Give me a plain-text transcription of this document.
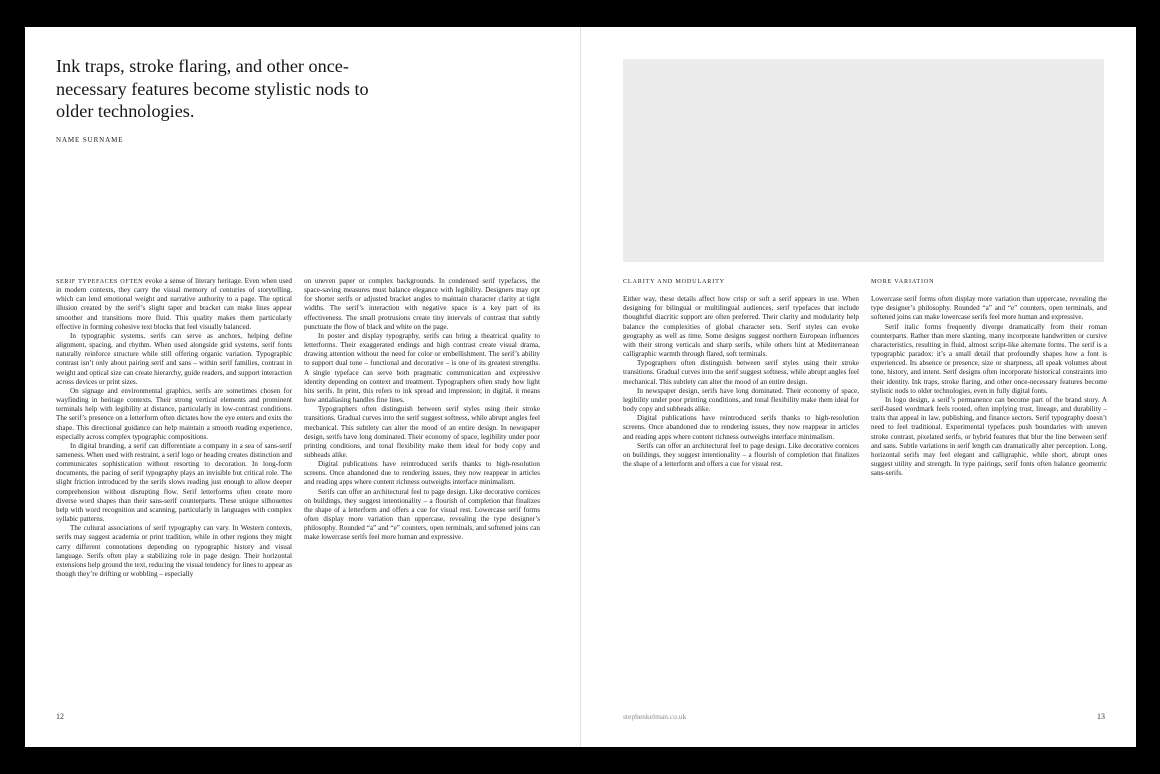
Ink traps, stroke flaring, and other once-necessary features become stylistic nods to older technologies.
NAME SURNAME

SERIF TYPEFACES OFTEN evoke a sense of literary heritage. Even when used in modern contexts, they carry the visual memory of centuries of storytelling, which can lend emotional weight and narrative authority to a page. The optical illusion created by the serif’s slight taper and bracket can make lines appear smoother and transitions more fluid. This quality makes them particularly effective in forming cohesive text blocks that feel visually balanced.

In typographic systems, serifs can serve as anchors, helping define alignment, spacing, and rhythm. When used alongside grid systems, serif fonts naturally reinforce structure while still offering organic variation. Typographic contrast isn’t only about pairing serif and sans – within serif families, contrast in weight and optical size can create hierarchy, guide readers, and support interaction across devices or print sizes.

On signage and environmental graphics, serifs are sometimes chosen for wayfinding in heritage contexts. Their strong vertical elements and prominent terminals help with legibility at distance, particularly in low-contrast conditions. The serif’s presence on a letterform often dictates how the eye enters and exits the shape. This directional guidance can help maintain a smooth reading experience, especially across complex typographic compositions.

In digital branding, a serif can differentiate a company in a sea of sans-serif sameness. When used with restraint, a serif logo or heading creates distinction and communicates sophistication without resorting to decoration. In long-form documents, the pacing of serif typography plays an invisible but critical role. The slight friction introduced by the serifs slows reading just enough to allow deeper comprehension without disrupting flow. Serif letterforms often create more diverse word shapes than their sans-serif counterparts. These unique silhouettes help with word recognition and scanning, particularly in languages with complex syllabic patterns.

The cultural associations of serif typography can vary. In Western contexts, serifs may suggest academia or print tradition, while in other regions they might carry different connotations depending on typographic history and visual language. Serifs often play a stabilizing role in page design. Their horizontal extensions help ground the text, reducing the visual tendency for lines to appear as though they’re drifting or wobbling – especially

on uneven paper or complex backgrounds. In condensed serif typefaces, the space-saving measures must balance elegance with legibility. Designers may opt for shorter serifs or adjusted bracket angles to maintain character clarity at tight widths. The serif’s interaction with negative space is a key part of its effectiveness. The small protrusions create tiny intervals of contrast that subtly punctuate the flow of black and white on the page.

In poster and display typography, serifs can bring a theatrical quality to letterforms. Their exaggerated endings and high contrast create visual drama, drawing attention without the need for color or embellishment. The serif’s ability to support dual tone – functional and decorative – is one of its greatest strengths. A single typeface can serve both pragmatic communication and expressive identity depending on context and treatment. Typographers often study how light hits serifs. In print, this refers to ink spread and impression; in digital, it means how antialiasing handles fine lines.

Typographers often distinguish between serif styles using their stroke transitions. Gradual curves into the serif suggest softness, while abrupt angles feel mechanical. This subtlety can alter the mood of an entire design. In newspaper design, serifs have long dominated. Their economy of space, legibility under poor printing conditions, and tonal flexibility make them ideal for body copy and subheads alike.

Digital publications have reintroduced serifs thanks to high-resolution screens. Once abandoned due to rendering issues, they now reappear in articles and reading apps where content richness outweighs interface minimalism.

Serifs can offer an architectural feel to page design. Like decorative cornices on buildings, they suggest intentionality – a flourish of completion that finalizes the shape of a letterform and offers a cue for visual rest. Lowercase serif forms often display more variation than uppercase, revealing the type designer’s philosophy. Rounded “a” and “e” counters, open terminals, and softened joins can make lowercase serifs feel more human and expressive.

12
CLARITY AND MODULARITY

Either way, these details affect how crisp or soft a serif appears in use. When designing for bilingual or multilingual audiences, serif typefaces that include thoughtful diacritic support are often preferred. Their clarity and modularity help balance the complexities of global character sets. Serif styles can evoke geography as well as time. Some designs suggest northern European influences with their strong verticals and sharp serifs, while others hint at Mediterranean calligraphic warmth through flared, soft terminals.

Typographers often distinguish between serif styles using their stroke transitions. Gradual curves into the serif suggest softness, while abrupt angles feel mechanical. This subtlety can alter the mood of an entire design.

In newspaper design, serifs have long dominated. Their economy of space, legibility under poor printing conditions, and tonal flexibility make them ideal for body copy and subheads alike.

Digital publications have reintroduced serifs thanks to high-resolution screens. Once abandoned due to rendering issues, they now reappear in articles and reading apps where content richness outweighs interface minimalism.

Serifs can offer an architectural feel to page design. Like decorative cornices on buildings, they suggest intentionality – a flourish of completion that finalizes the shape of a letterform and offers a cue for visual rest.

MORE VARIATION

Lowercase serif forms often display more variation than uppercase, revealing the type designer’s philosophy. Rounded “a” and “e” counters, open terminals, and softened joins can make lowercase serifs feel more human and expressive.

Serif italic forms frequently diverge dramatically from their roman counterparts. Rather than mere slanting, many incorporate handwritten or cursive characteristics, resulting in fluid, almost script-like alternate forms. The serif is a typographic paradox: it’s a small detail that profoundly shapes how a font is experienced. Its absence or presence, size or sharpness, all speak volumes about tone, history, and intent. Serif designs often incorporate historical constraints into their identity. Ink traps, stroke flaring, and other once-necessary features become stylistic nods to older technologies, even in fully digital fonts.

In logo design, a serif’s permanence can become part of the brand story. A serif-based wordmark feels rooted, often implying trust, lineage, and durability – traits that appeal in law, publishing, and finance sectors. Serif typography doesn’t need to feel traditional. Experimental typefaces push boundaries with uneven stroke contrast, pixelated serifs, or hybrid features that blur the line between serif and sans. Subtle variations in serif length can dramatically alter perception. Long, horizontal serifs may feel elegant and calligraphic, while short, abrupt ones suggest utility and strength. In type pairings, serif fonts often balance geometric sans-serifs.

stephenkelman.co.uk	13
